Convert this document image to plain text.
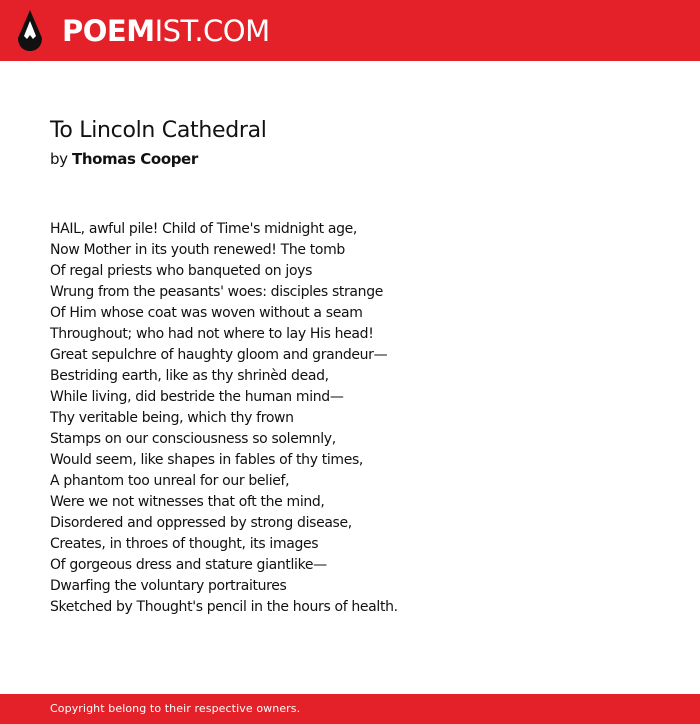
POEMIST.COM
To Lincoln Cathedral
by Thomas Cooper
HAIL, awful pile! Child of Time's midnight age,
Now Mother in its youth renewed! The tomb
Of regal priests who banqueted on joys
Wrung from the peasants' woes: disciples strange
Of Him whose coat was woven without a seam
Throughout; who had not where to lay His head!
Great sepulchre of haughty gloom and grandeur—
Bestriding earth, like as thy shrinèd dead,
While living, did bestride the human mind—
Thy veritable being, which thy frown
Stamps on our consciousness so solemnly,
Would seem, like shapes in fables of thy times,
A phantom too unreal for our belief,
Were we not witnesses that oft the mind,
Disordered and oppressed by strong disease,
Creates, in throes of thought, its images
Of gorgeous dress and stature giantlike—
Dwarfing the voluntary portraitures
Sketched by Thought's pencil in the hours of health.
Copyright belong to their respective owners.
